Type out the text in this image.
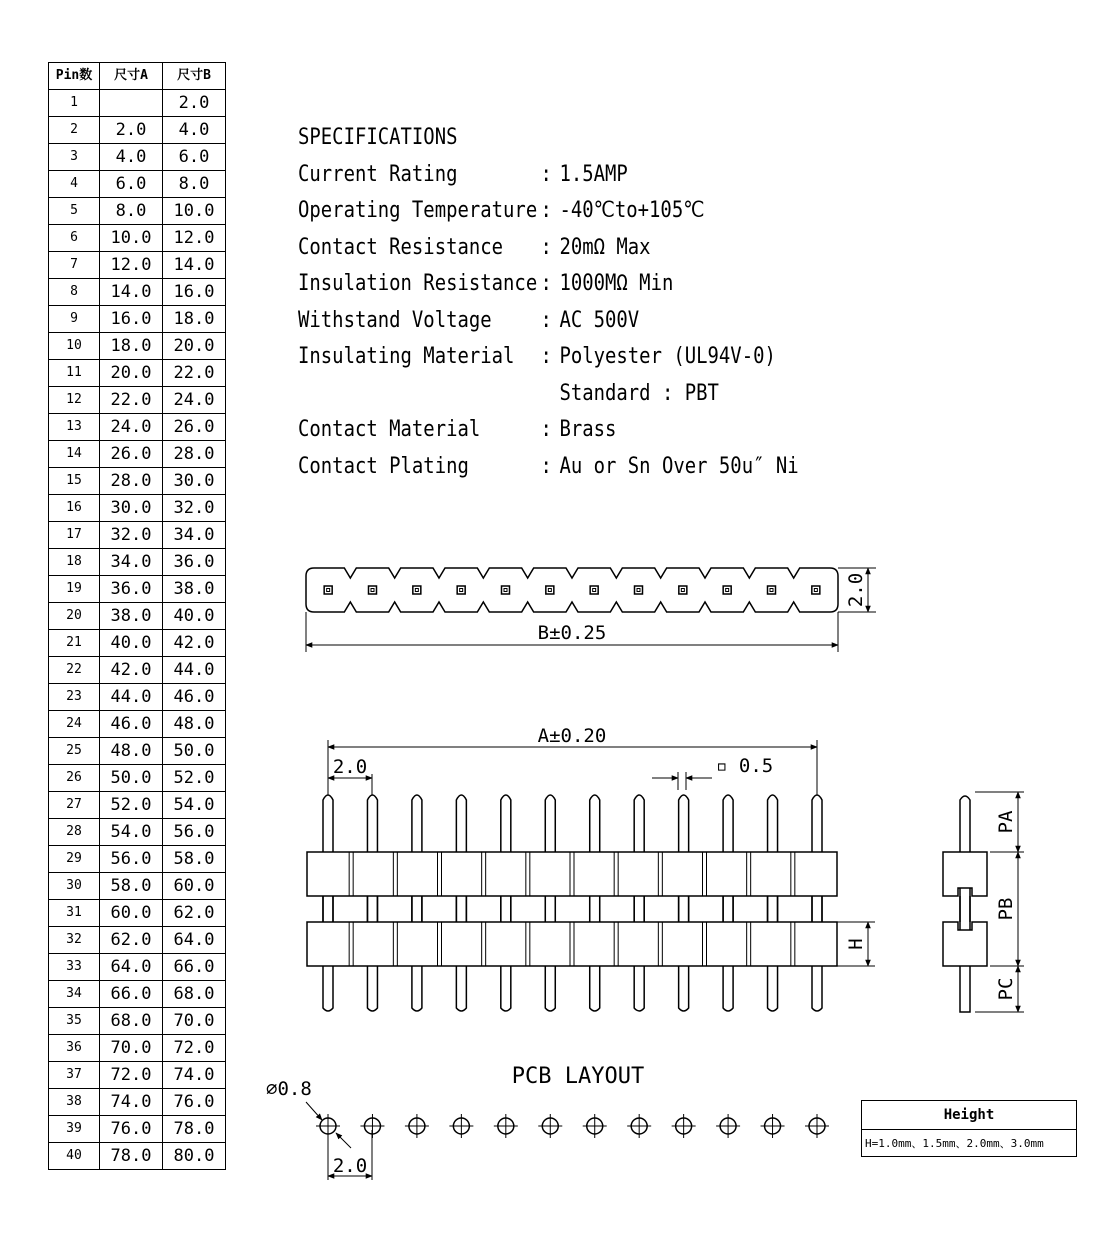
Pin数	尺寸A	尺寸B
1		2.0
2	2.0	4.0
3	4.0	6.0
4	6.0	8.0
5	8.0	10.0
6	10.0	12.0
7	12.0	14.0
8	14.0	16.0
9	16.0	18.0
10	18.0	20.0
11	20.0	22.0
12	22.0	24.0
13	24.0	26.0
14	26.0	28.0
15	28.0	30.0
16	30.0	32.0
17	32.0	34.0
18	34.0	36.0
19	36.0	38.0
20	38.0	40.0
21	40.0	42.0
22	42.0	44.0
23	44.0	46.0
24	46.0	48.0
25	48.0	50.0
26	50.0	52.0
27	52.0	54.0
28	54.0	56.0
29	56.0	58.0
30	58.0	60.0
31	60.0	62.0
32	62.0	64.0
33	64.0	66.0
34	66.0	68.0
35	68.0	70.0
36	70.0	72.0
37	72.0	74.0
38	74.0	76.0
39	76.0	78.0
40	78.0	80.0
SPECIFICATIONS
Current Rating	: 1.5AMP
Operating Temperature : -40℃to+105℃
Contact Resistance	: 20mΩ Max
Insulation Resistance : 1000MΩ Min
Withstand Voltage	: AC 500V
Insulating Material	: Polyester (UL94V-0)

Standard : PBT
Contact Material	: Brass
Contact Plating	: Au or Sn Over 50u″ Ni
2.0
B±0.25
A±0.20
2.0	▫ 0.5
H
PA
PB
PC
PCB LAYOUT
⌀0.8
2.0
Height
H=1.0mm、1.5mm、2.0mm、3.0mm
